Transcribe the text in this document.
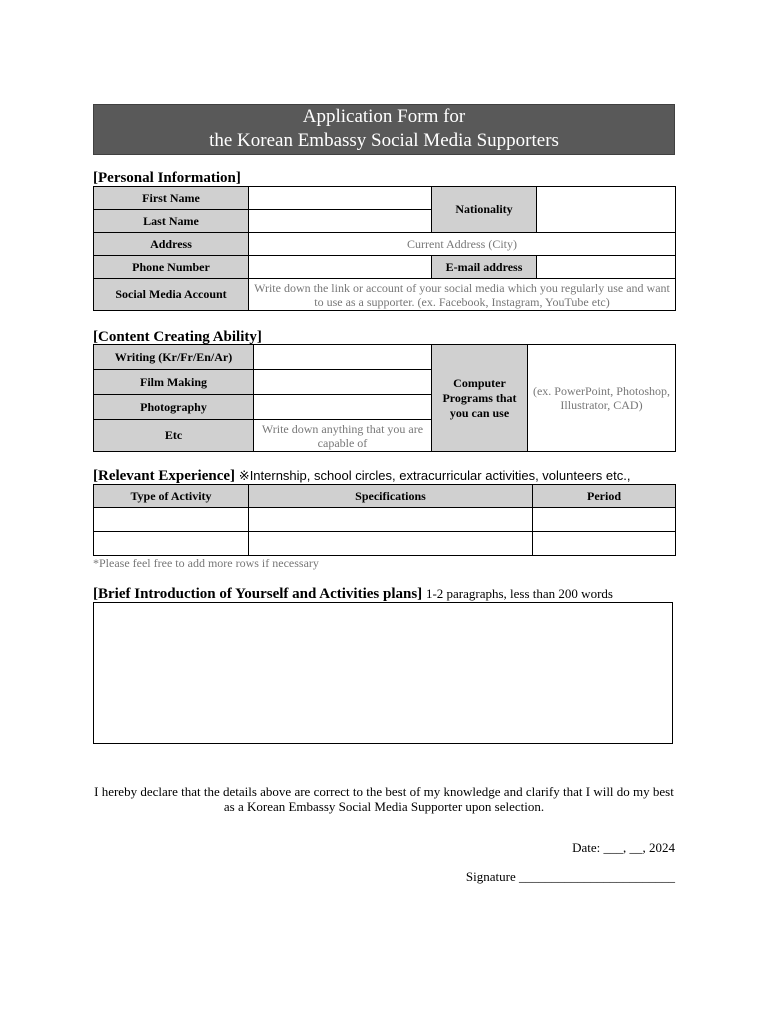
Application Form for
the Korean Embassy Social Media Supporters
[Personal Information]
First Name		Nationality	
Last Name			
Address	Current Address (City)		
Phone Number		E-mail address	
Social Media Account	Write down the link or account of your social media which you regularly use and want to use as a supporter. (ex. Facebook, Instagram, YouTube etc)		
[Content Creating Ability]
Writing (Kr/Fr/En/Ar)		Computer Programs that you can use	(ex. PowerPoint, Photoshop, Illustrator, CAD)
Film Making			
Photography			
Etc	Write down anything that you are capable of		
[Relevant Experience] ※Internship, school circles, extracurricular activities, volunteers etc.,
Type of Activity	Specifications	Period

*Please feel free to add more rows if necessary
[Brief Introduction of Yourself and Activities plans] 1-2 paragraphs, less than 200 words
I hereby declare that the details above are correct to the best of my knowledge and clarify that I will do my best as a Korean Embassy Social Media Supporter upon selection.
Date: ___, __, 2024
Signature ________________________
